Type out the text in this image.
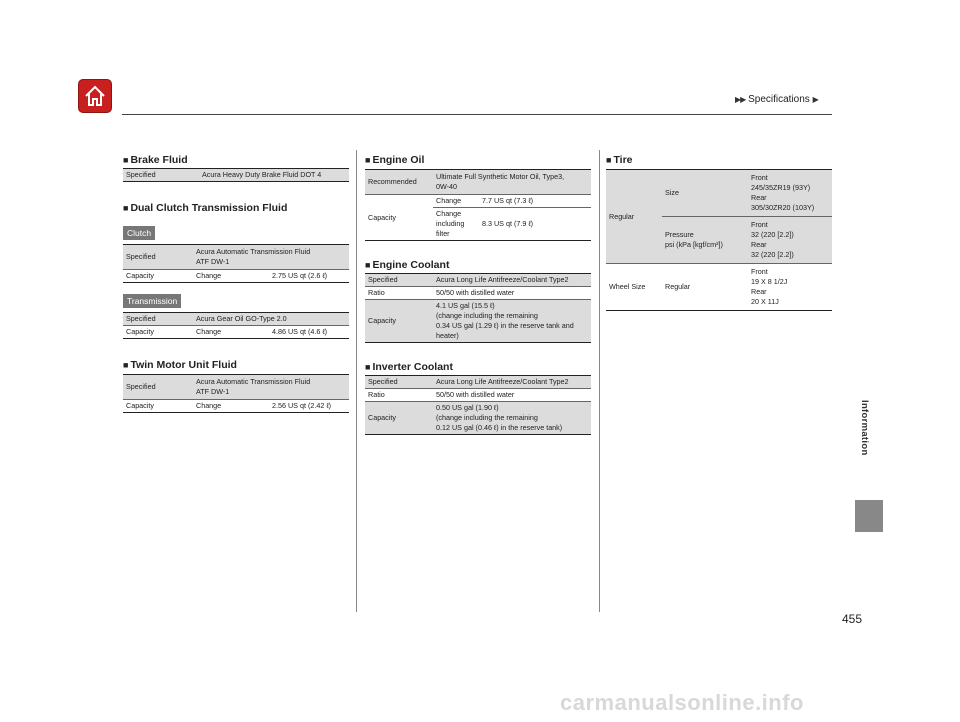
▶▶ Specifications ▶
■ Brake Fluid
Specified	Acura Heavy Duty Brake Fluid DOT 4
■ Dual Clutch Transmission Fluid
Clutch
Specified	Acura Automatic Transmission Fluid
ATF DW-1	
Capacity	Change	2.75 US qt (2.6 ℓ)
Transmission
Specified	Acura Gear Oil GO-Type 2.0	
Capacity	Change	4.86 US qt (4.6 ℓ)
■ Twin Motor Unit Fluid
Specified	Acura Automatic Transmission Fluid
ATF DW-1	
Capacity	Change	2.56 US qt (2.42 ℓ)
■ Engine Oil
Recommended	Ultimate Full Synthetic Motor Oil, Type3,
0W-40	
Capacity	Change	7.7 US qt (7.3 ℓ)
	Change
including
filter	8.3 US qt (7.9 ℓ)
■ Engine Coolant
Specified	Acura Long Life Antifreeze/Coolant Type2
Ratio	50/50 with distilled water
Capacity	4.1 US gal (15.5 ℓ)
(change including the remaining
0.34 US gal (1.29 ℓ) in the reserve tank and
heater)
■ Inverter Coolant
Specified	Acura Long Life Antifreeze/Coolant Type2
Ratio	50/50 with distilled water
Capacity	0.50 US gal (1.90 ℓ)
(change including the remaining
0.12 US gal (0.46 ℓ) in the reserve tank)
■ Tire
Regular	Size	Front
245/35ZR19 (93Y)
Rear
305/30ZR20 (103Y)
	Pressure
psi (kPa [kgf/cm²])	Front
32 (220 [2.2])
Rear
32 (220 [2.2])
Wheel Size	Regular	Front
19 X 8 1/2J
Rear
20 X 11J
Information
455
carmanualsonline.info
